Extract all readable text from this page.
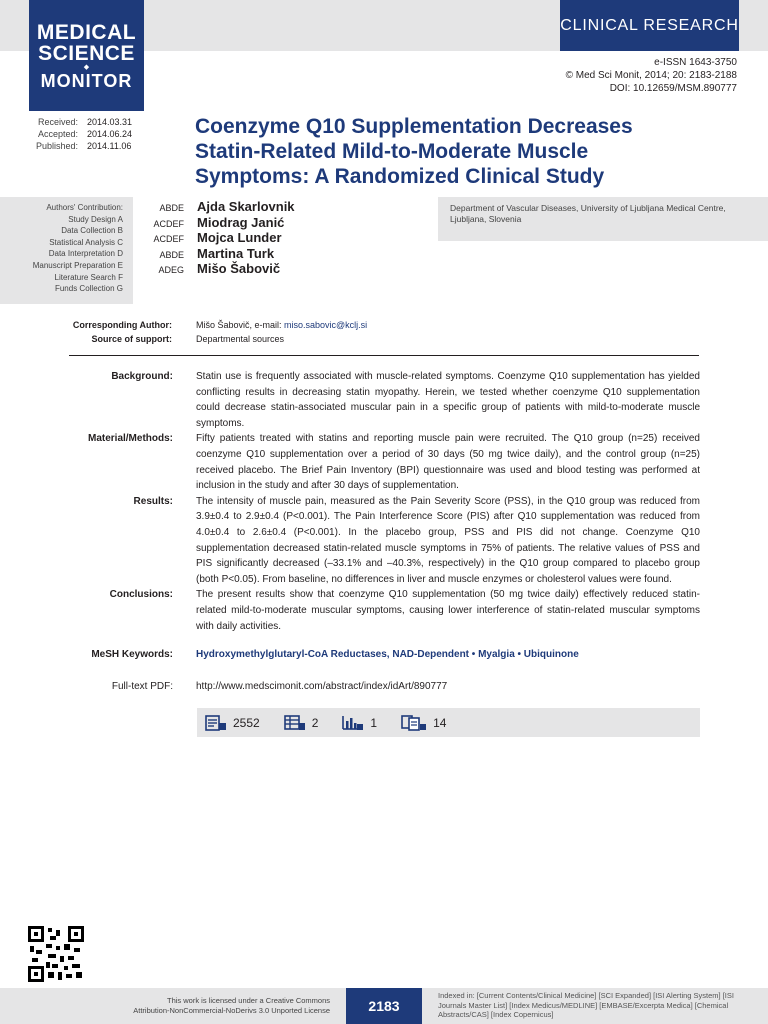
MEDICAL
SCIENCE
◆
MONITOR
CLINICAL RESEARCH
e-ISSN 1643-3750
© Med Sci Monit, 2014; 20: 2183-2188
DOI: 10.12659/MSM.890777
Received: 2014.03.31
Accepted: 2014.06.24
Published: 2014.11.06
Coenzyme Q10 Supplementation Decreases
Statin-Related Mild-to-Moderate Muscle
Symptoms: A Randomized Clinical Study
Authors' Contribution:
Study Design A
Data Collection B
Statistical Analysis C
Data Interpretation D
Manuscript Preparation E
Literature Search F
Funds Collection G
ABDE Ajda Skarlovnik
ACDEF Miodrag Janić
ACDEF Mojca Lunder
ABDE Martina Turk
ADEG Mišo Šabovič
Department of Vascular Diseases, University of Ljubljana Medical Centre, Ljubljana, Slovenia
Corresponding Author:	Mišo Šabovič, e-mail: miso.sabovic@kclj.si
Source of support:	Departmental sources
Background: Statin use is frequently associated with muscle-related symptoms. Coenzyme Q10 supplementation has yielded conflicting results in decreasing statin myopathy. Herein, we tested whether coenzyme Q10 supplementation could decrease statin-associated muscular pain in a specific group of patients with mild-to-moderate muscle symptoms.
Material/Methods: Fifty patients treated with statins and reporting muscle pain were recruited. The Q10 group (n=25) received coenzyme Q10 supplementation over a period of 30 days (50 mg twice daily), and the control group (n=25) received placebo. The Brief Pain Inventory (BPI) questionnaire was used and blood testing was performed at inclusion in the study and after 30 days of supplementation.
Results: The intensity of muscle pain, measured as the Pain Severity Score (PSS), in the Q10 group was reduced from 3.9±0.4 to 2.9±0.4 (P<0.001). The Pain Interference Score (PIS) after Q10 supplementation was reduced from 4.0±0.4 to 2.6±0.4 (P<0.001). In the placebo group, PSS and PIS did not change. Coenzyme Q10 supplementation decreased statin-related muscle symptoms in 75% of patients. The relative values of PSS and PIS significantly decreased (–33.1% and –40.3%, respectively) in the Q10 group compared to placebo group (both P<0.05). From baseline, no differences in liver and muscle enzymes or cholesterol values were found.
Conclusions: The present results show that coenzyme Q10 supplementation (50 mg twice daily) effectively reduced statin-related mild-to-moderate muscular symptoms, causing lower interference of statin-related muscular symptoms with daily activities.
MeSH Keywords: Hydroxymethylglutaryl-CoA Reductases, NAD-Dependent • Myalgia • Ubiquinone
Full-text PDF: http://www.medscimonit.com/abstract/index/idArt/890777
2552	2	1	14
This work is licensed under a Creative Commons Attribution-NonCommercial-NoDerivs 3.0 Unported License	2183
Indexed in: [Current Contents/Clinical Medicine] [SCI Expanded] [ISI Alerting System] [ISI Journals Master List] [Index Medicus/MEDLINE] [EMBASE/Excerpta Medica] [Chemical Abstracts/CAS] [Index Copernicus]
